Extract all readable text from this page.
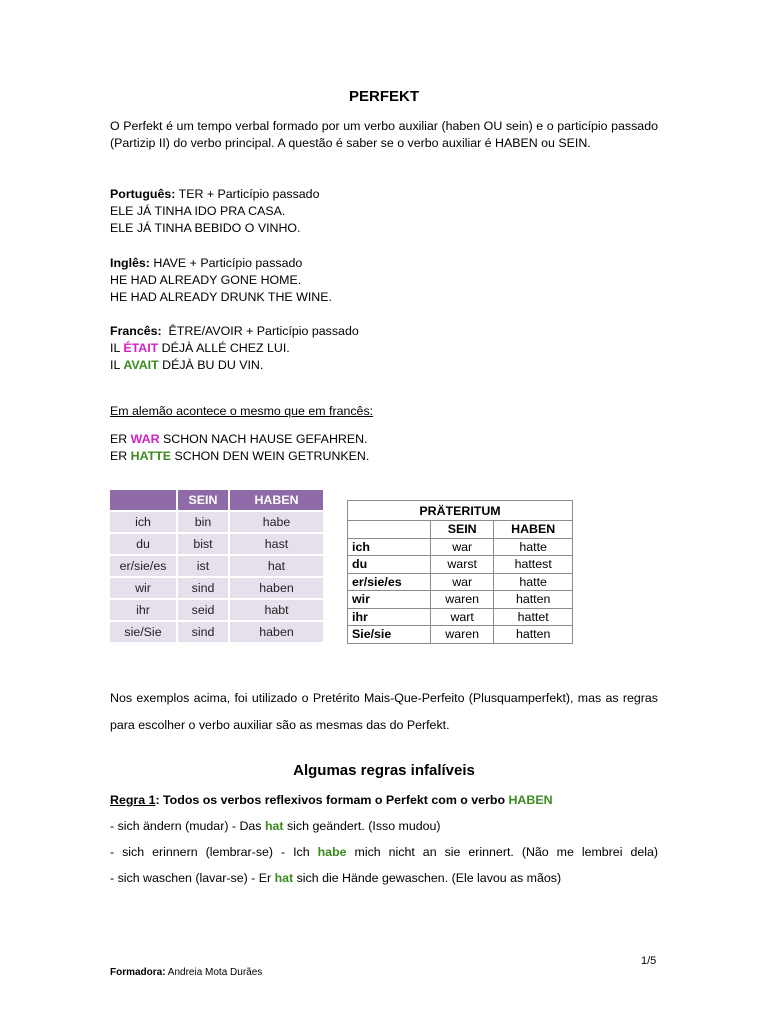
PERFEKT
O Perfekt é um tempo verbal formado por um verbo auxiliar (haben OU sein) e o particípio passado (Partizip II) do verbo principal. A questão é saber se o verbo auxiliar é HABEN ou SEIN.
Português: TER + Particípio passado
ELE JÁ TINHA IDO PRA CASA.
ELE JÁ TINHA BEBIDO O VINHO.
Inglês: HAVE + Particípio passado
HE HAD ALREADY GONE HOME.
HE HAD ALREADY DRUNK THE WINE.
Francês:  ÊTRE/AVOIR + Particípio passado
IL ÉTAIT DÉJÀ ALLÉ CHEZ LUI.
IL AVAIT DÉJÀ BU DU VIN.
Em alemão acontece o mesmo que em francês:
ER WAR SCHON NACH HAUSE GEFAHREN.
ER HATTE SCHON DEN WEIN GETRUNKEN.
	SEIN	HABEN
ich	bin	habe
du	bist	hast
er/sie/es	ist	hat
wir	sind	haben
ihr	seid	habt
sie/Sie	sind	haben
PRÄTERITUM		
	SEIN	HABEN
ich	war	hatte
du	warst	hattest
er/sie/es	war	hatte
wir	waren	hatten
ihr	wart	hattet
Sie/sie	waren	hatten
Nos exemplos acima, foi utilizado o Pretérito Mais-Que-Perfeito (Plusquamperfekt), mas as regras para escolher o verbo auxiliar são as mesmas das do Perfekt.
Algumas regras infalíveis
Regra 1: Todos os verbos reflexivos formam o Perfekt com o verbo HABEN
- sich ändern (mudar) - Das hat sich geändert. (Isso mudou)
- sich erinnern (lembrar-se) - Ich habe mich nicht an sie erinnert. (Não me lembrei dela)
- sich waschen (lavar-se) - Er hat sich die Hände gewaschen. (Ele lavou as mãos)
1/5
Formadora: Andreia Mota Durães
